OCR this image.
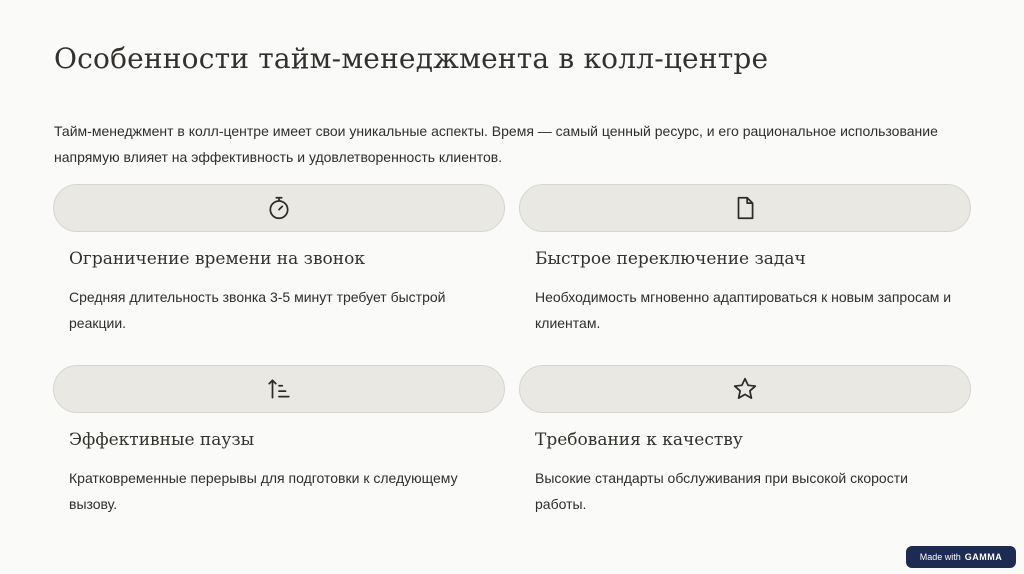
Особенности тайм-менеджмента в колл-центре

Тайм-менеджмент в колл-центре имеет свои уникальные аспекты. Время — самый ценный ресурс, и его рациональное использование напрямую влияет на эффективность и удовлетворенность клиентов.

Ограничение времени на звонок

Средняя длительность звонка 3-5 минут требует быстрой реакции.

Быстрое переключение задач

Необходимость мгновенно адаптироваться к новым запросам и клиентам.

Эффективные паузы

Кратковременные перерывы для подготовки к следующему вызову.

Требования к качеству

Высокие стандарты обслуживания при высокой скорости работы.

Made with GAMMA
